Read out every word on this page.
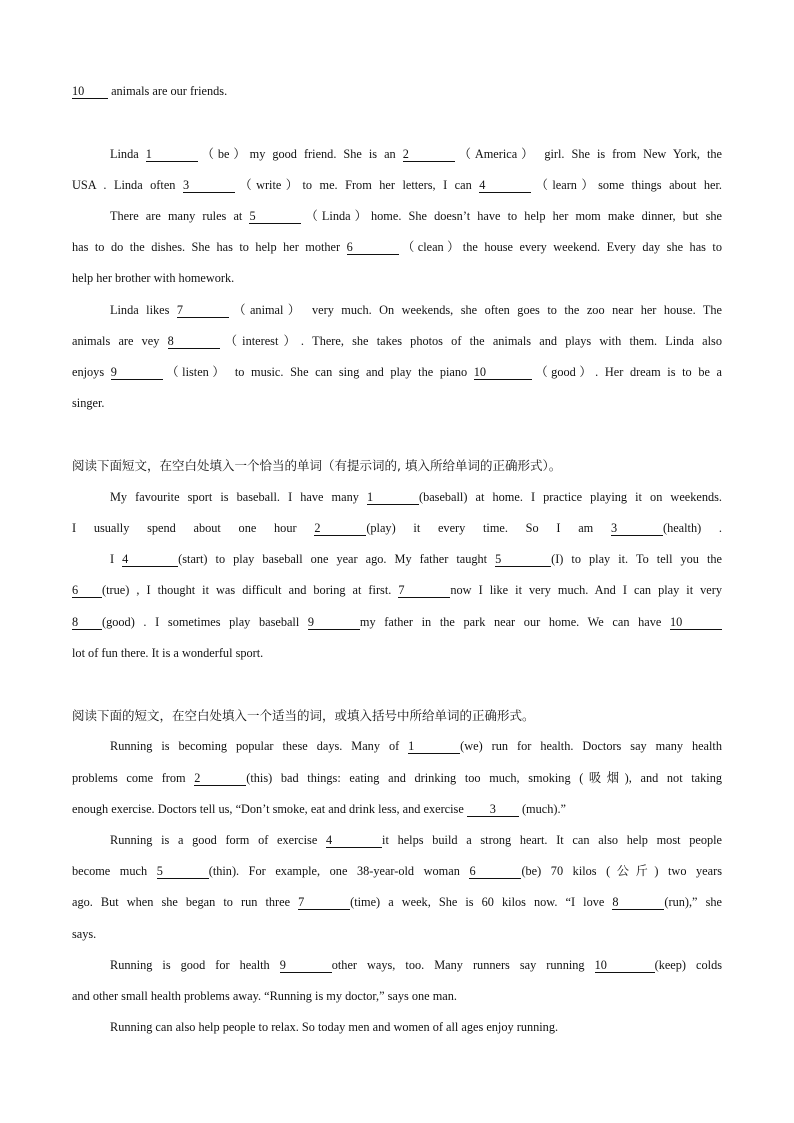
10 animals are our friends.
Linda 1	（be）my good friend. She is an 2	（America） girl. She is from New York, the
USA . Linda often 3	（write）to me. From her letters, I can 4	（learn）some things about her.
There are many rules at 5	（Linda）home. She doesn’t have to help her mom make dinner, but she
has to do the dishes. She has to help her mother 6	（clean）the house every weekend. Every day she has to
help her brother with homework.
Linda likes 7	（animal） very much. On weekends, she often goes to the zoo near her house. The
animals are vey 8	（interest）. There, she takes photos of the animals and plays with them. Linda also
enjoys 9	（listen） to music. She can sing and play the piano 10	（good）. Her dream is to be a
singer.
阅读下面短文，在空白处填入一个恰当的单词（有提示词的, 填入所给单词的正确形式）。
My favourite sport is baseball. I have many 1	(baseball) at home. I practice playing it on weekends.
I usually spend about one hour 2	(play) it every time. So I am 3	(health) .
I 4	(start) to play baseball one year ago. My father taught 5	(I) to play it. To tell you the
6 (true) , I thought it was difficult and boring at first. 7	now I like it very much. And I can play it very
8 (good) . I sometimes play baseball 9	my father in the park near our home. We can have 10
lot of fun there. It is a wonderful sport.
阅读下面的短文，在空白处填入一个适当的词，或填入括号中所给单词的正确形式。
Running is becoming popular these days. Many of 1	(we) run for health. Doctors say many health
problems come from 2	(this) bad things: eating and drinking too much, smoking (吸烟), and not taking
enough exercise. Doctors tell us, “Don’t smoke, eat and drink less, and exercise 3 (much).”
Running is a good form of exercise 4	it helps build a strong heart. It can also help most people
become much 5	(thin). For example, one 38-year-old woman 6	(be) 70 kilos (公斤) two years
ago. But when she began to run three 7	(time) a week, She is 60 kilos now. “I love 8	(run),” she
says.
Running is good for health 9	other ways, too. Many runners say running 10	(keep) colds
and other small health problems away. “Running is my doctor,” says one man.
Running can also help people to relax. So today men and women of all ages enjoy running.
